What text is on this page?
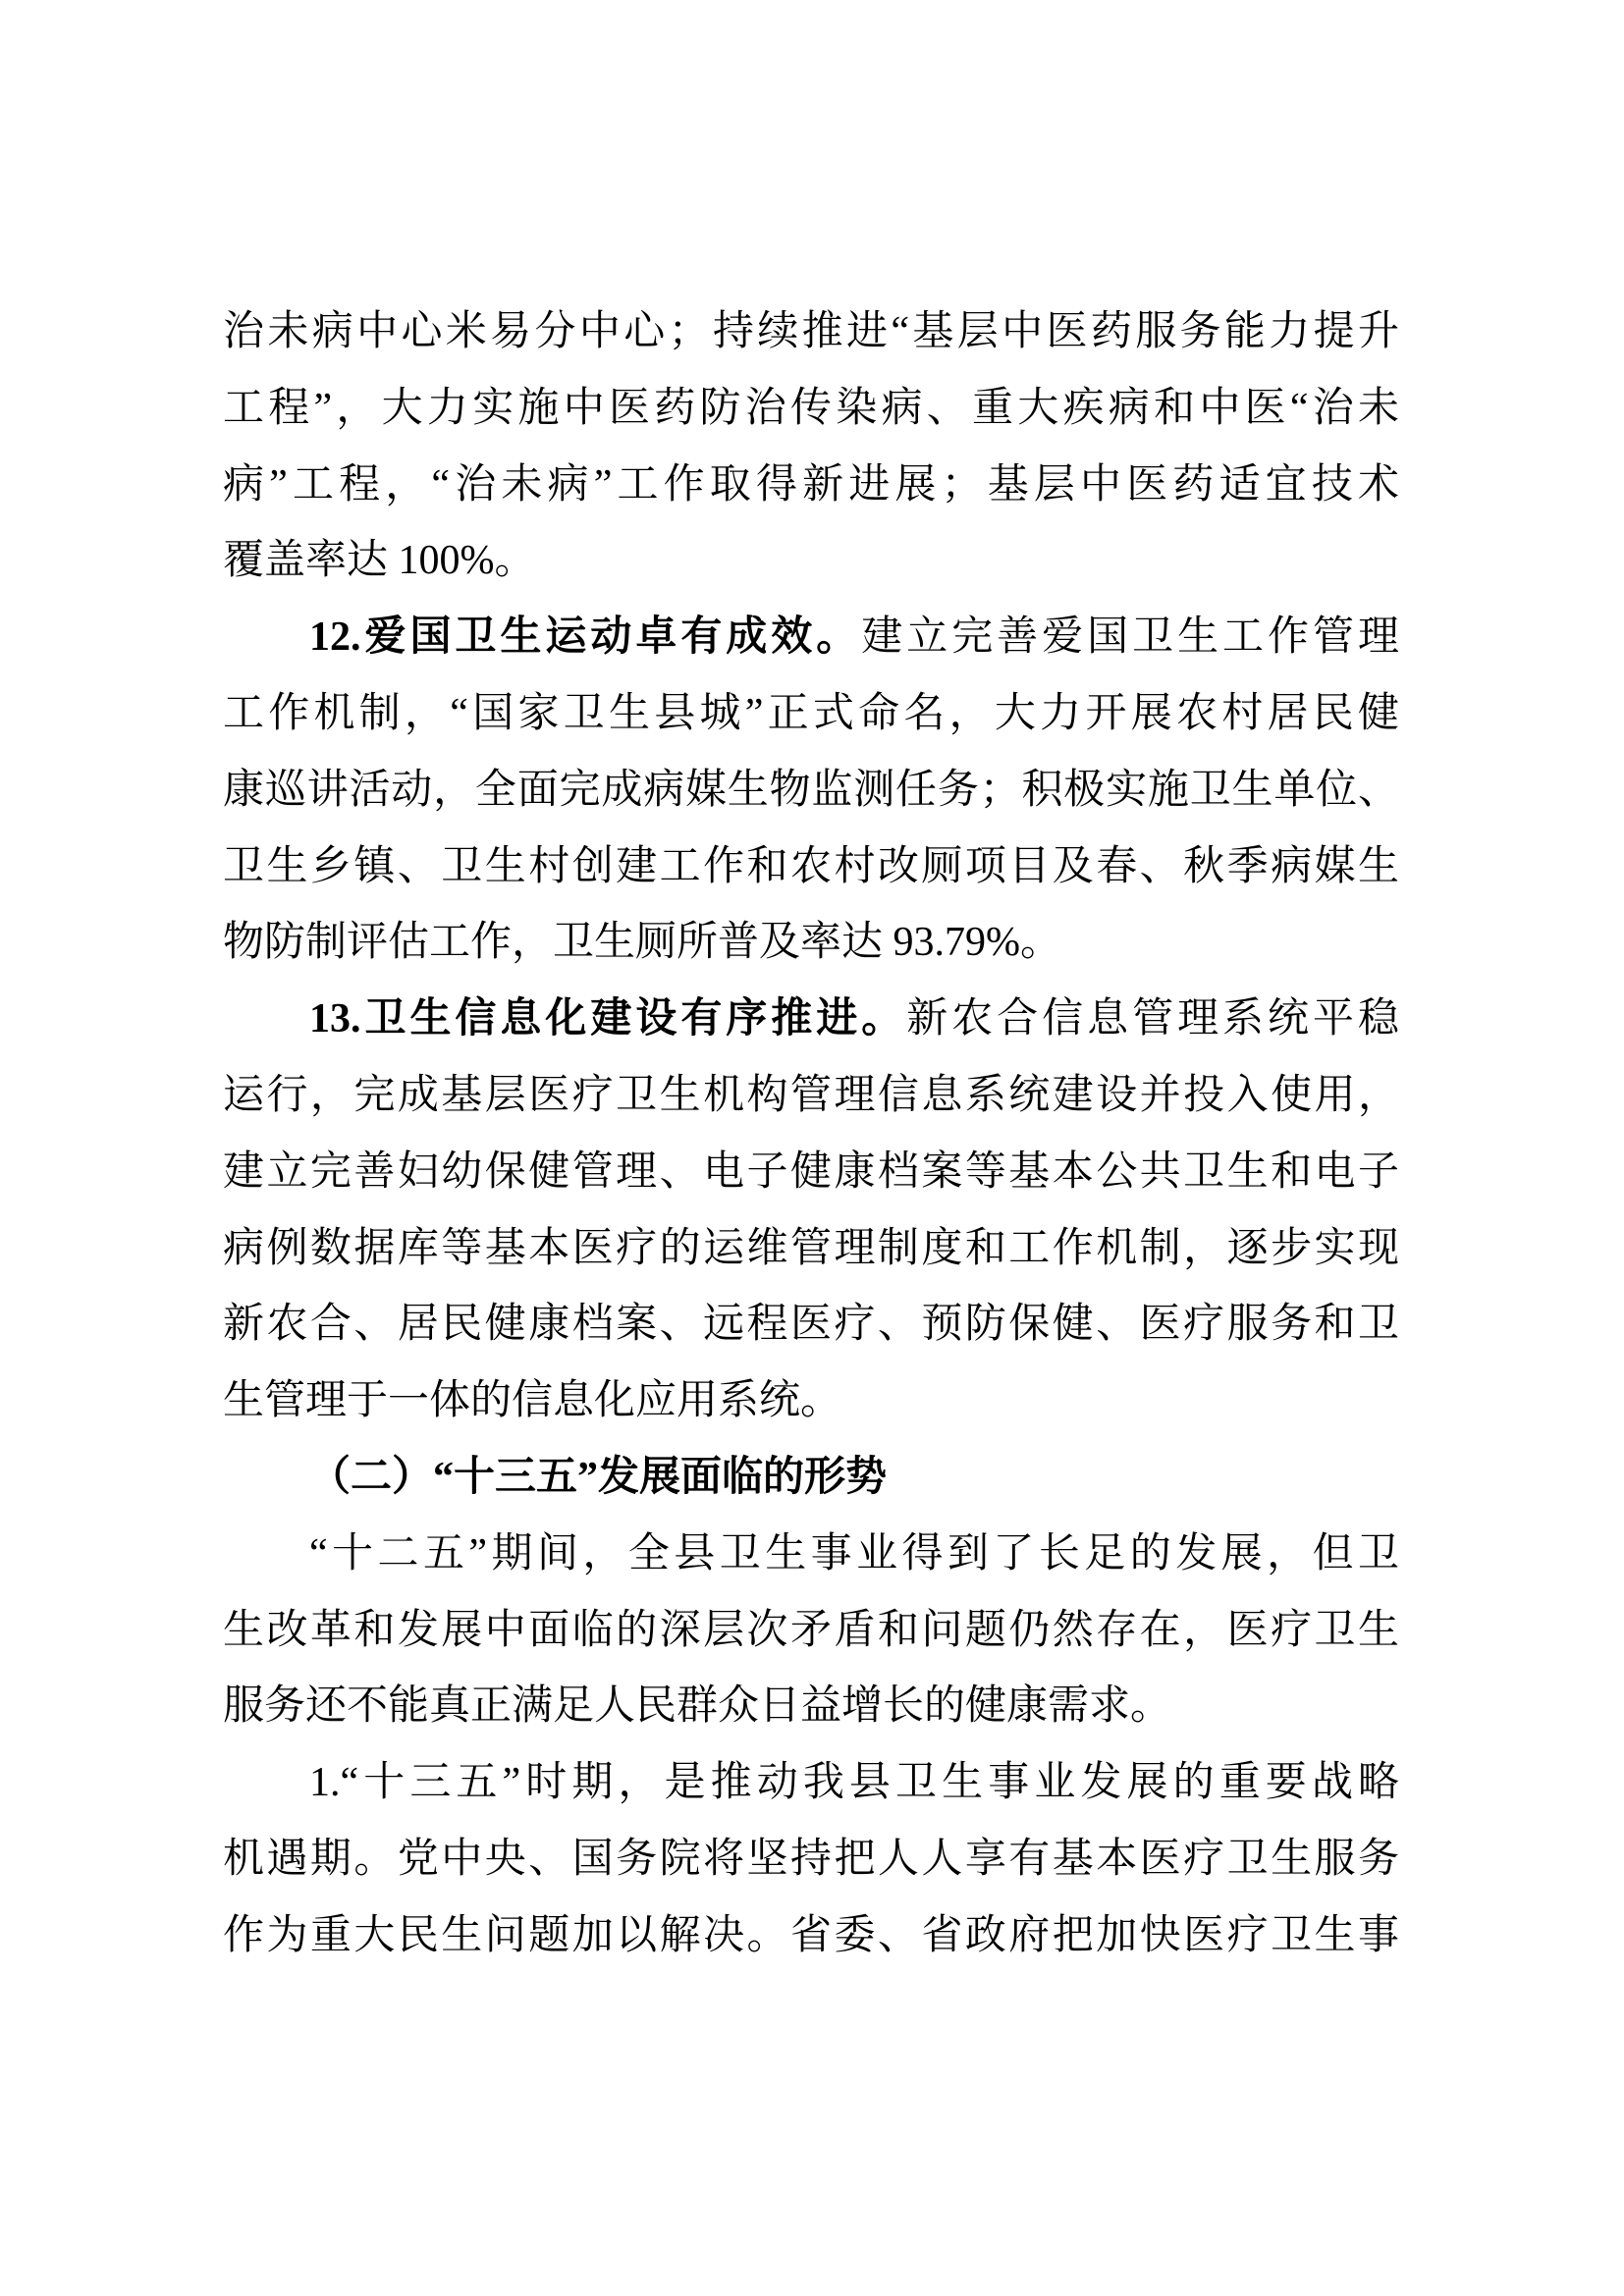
治未病中心米易分中心；持续推进“基层中医药服务能力提升
工程”，大力实施中医药防治传染病、重大疾病和中医“治未
病”工程，“治未病”工作取得新进展；基层中医药适宜技术
覆盖率达 100%。
12.爱国卫生运动卓有成效。建立完善爱国卫生工作管理
工作机制，“国家卫生县城”正式命名，大力开展农村居民健
康巡讲活动，全面完成病媒生物监测任务；积极实施卫生单位、
卫生乡镇、卫生村创建工作和农村改厕项目及春、秋季病媒生
物防制评估工作，卫生厕所普及率达 93.79%。
13.卫生信息化建设有序推进。新农合信息管理系统平稳
运行，完成基层医疗卫生机构管理信息系统建设并投入使用，
建立完善妇幼保健管理、电子健康档案等基本公共卫生和电子
病例数据库等基本医疗的运维管理制度和工作机制，逐步实现
新农合、居民健康档案、远程医疗、预防保健、医疗服务和卫
生管理于一体的信息化应用系统。
（二）“十三五”发展面临的形势
“十二五”期间，全县卫生事业得到了长足的发展，但卫
生改革和发展中面临的深层次矛盾和问题仍然存在，医疗卫生
服务还不能真正满足人民群众日益增长的健康需求。
1.“十三五”时期，是推动我县卫生事业发展的重要战略
机遇期。党中央、国务院将坚持把人人享有基本医疗卫生服务
作为重大民生问题加以解决。省委、省政府把加快医疗卫生事
